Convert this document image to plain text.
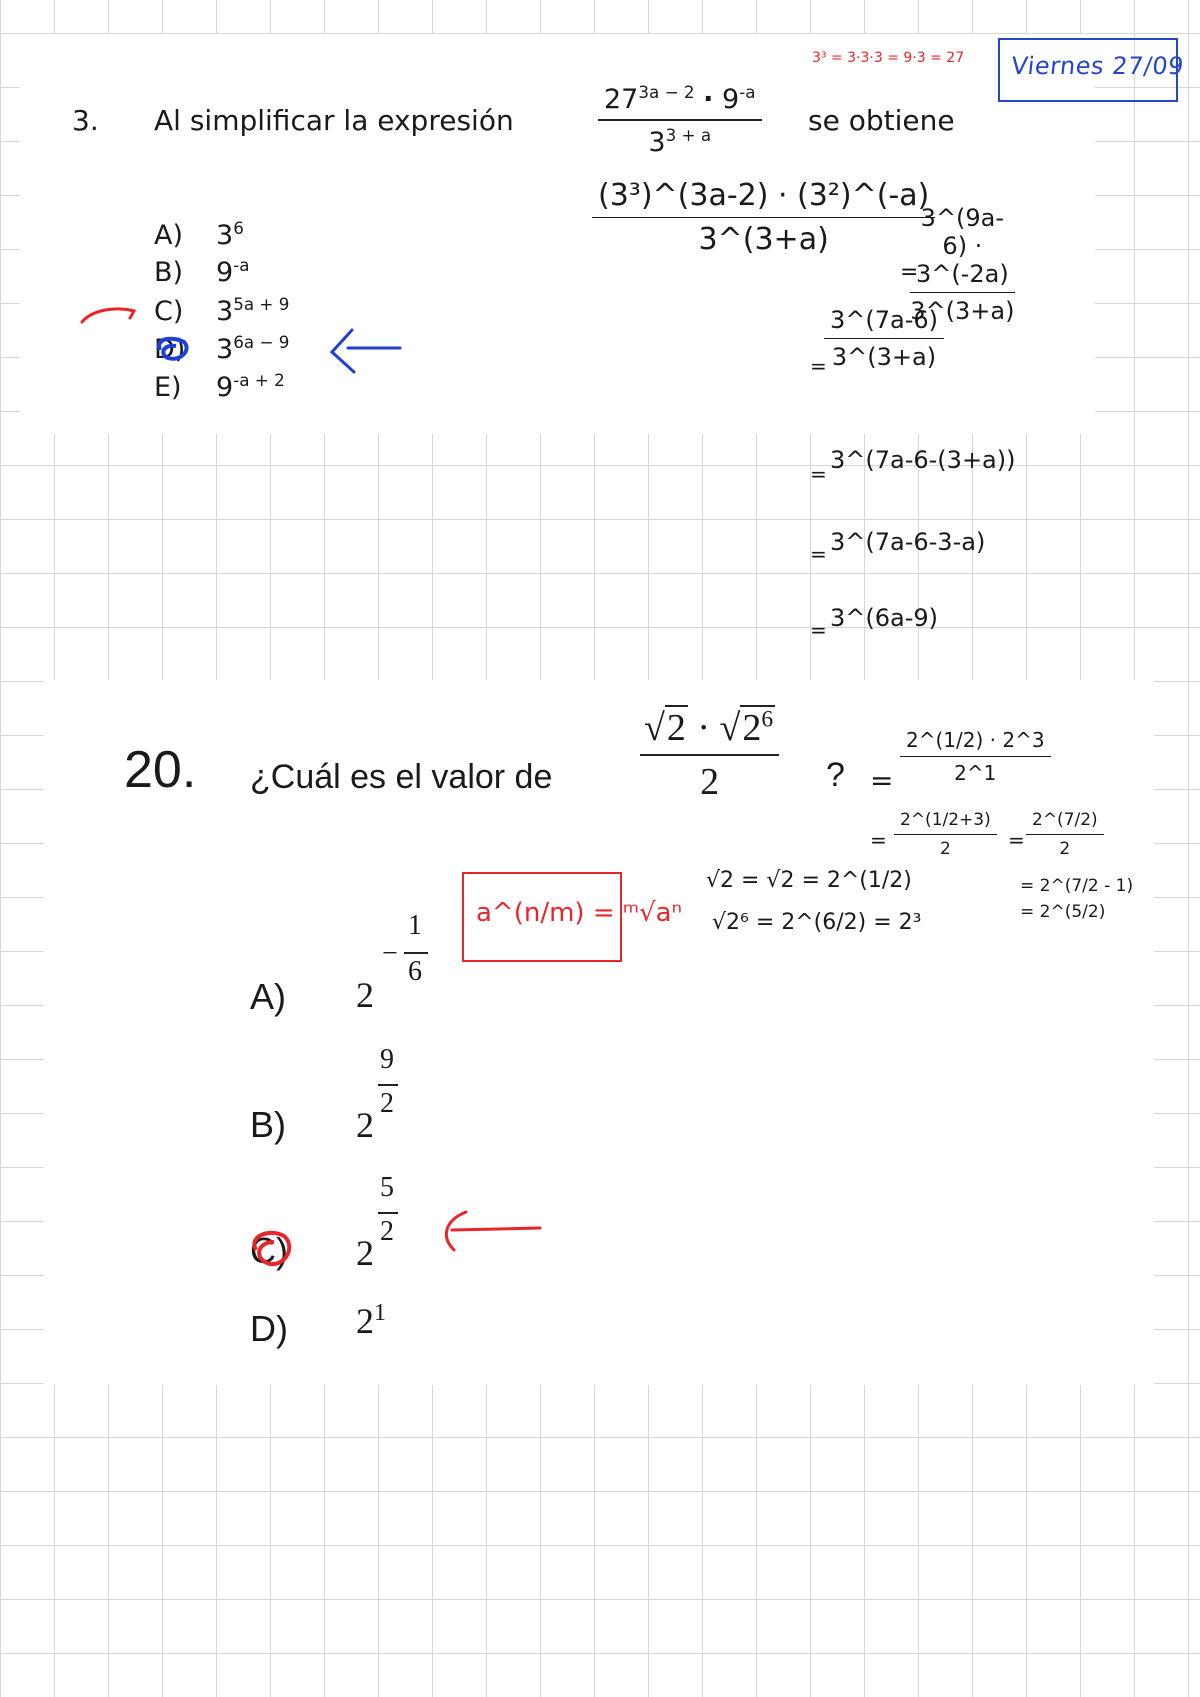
Viernes 27/09
3³ = 3·3·3 = 9·3 = 27
3. Al simplificar la expresión	$\frac{27^{3a - 2} \cdot 9^{-a}}{3^{3 + a}}$ se obtiene
A) $3^6$
B) $9^{-a}$
C) $3^{5a + 9}$
D) $3^{6a - 9}$
E) $9^{-a + 2}$
$\frac{\text{(3³)\textasciicircum{}(3a-2) · (3²)\textasciicircum{}(-a)}}{3\^{}(3+a)}$
=
$\frac{3\^{}(9a-6) \cdot 3\^{}(-2a)}{3\^{}(3+a)}$
=
$\frac{3\^{}(7a-6)}{3\^{}(3+a)}$
= 3^(7a-6-(3+a))
= 3^(7a-6-3-a)
= 3^(6a-9)
20. ¿Cuál es el valor de $\frac{√2 \cdot √2^6}{2}$ ?
A) 2
−
1
6
B) 2
9
2
C) 2
5
2
D) $2^1$
a^(n/m) = ᵐ√aⁿ
= $\frac{2\^{}(1/2) \cdot 2\^{}3}{2\^{}1}$
= $\frac{2\^{}(1/2+3)}{2} = \frac{2\^{}(7/2)}{2}$
= 2^(7/2 - 1)
= 2^(5/2)
√2 = √2 = 2^(1/2)
√2⁶ = 2^(6/2) = 2³
